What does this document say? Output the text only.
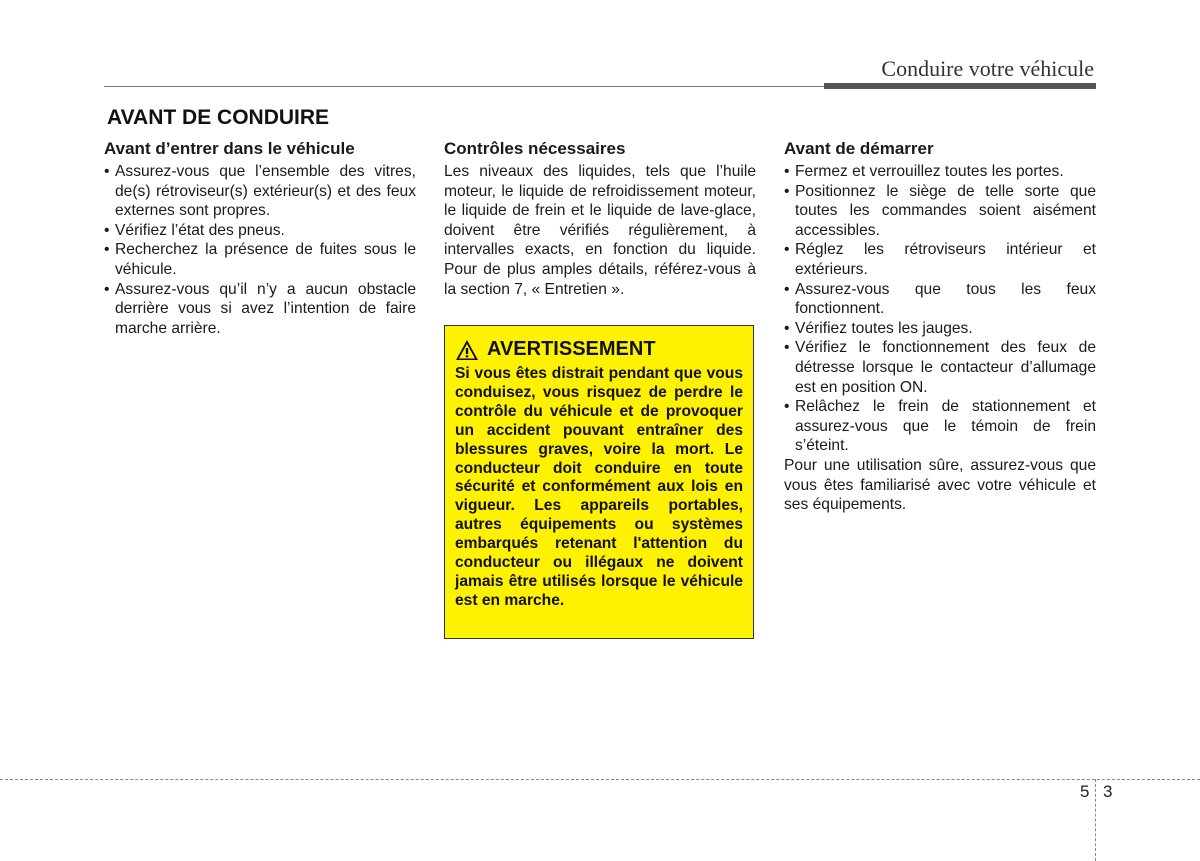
Conduire votre véhicule
AVANT DE CONDUIRE
Avant d’entrer dans le véhicule
• Assurez-vous que l’ensemble des vitres, de(s) rétroviseur(s) extérieur(s) et des feux externes sont propres.
• Vérifiez l’état des pneus.
• Recherchez la présence de fuites sous le véhicule.
• Assurez-vous qu’il n’y a aucun obstacle derrière vous si avez l’intention de faire marche arrière.
Contrôles nécessaires

Les niveaux des liquides, tels que l’huile moteur, le liquide de refroidissement moteur, le liquide de frein et le liquide de lave-glace, doivent être vérifiés régulièrement, à intervalles exacts, en fonction du liquide. Pour de plus amples détails, référez-vous à la section 7, « Entretien ».

AVERTISSEMENT
Si vous êtes distrait pendant que vous conduisez, vous risquez de perdre le contrôle du véhicule et de provoquer un accident pouvant entraîner des blessures graves, voire la mort. Le conducteur doit conduire en toute sécurité et conformément aux lois en vigueur. Les appareils portables, autres équipements ou systèmes embarqués retenant l'attention du conducteur ou illégaux ne doivent jamais être utilisés lorsque le véhicule est en marche.
Avant de démarrer
• Fermez et verrouillez toutes les portes.
• Positionnez le siège de telle sorte que toutes les commandes soient aisément accessibles.
• Réglez les rétroviseurs intérieur et extérieurs.
• Assurez-vous que tous les feux fonctionnent.
• Vérifiez toutes les jauges.
• Vérifiez le fonctionnement des feux de détresse lorsque le contacteur d’allumage est en position ON.
• Relâchez le frein de stationnement et assurez-vous que le témoin de frein s’éteint.

Pour une utilisation sûre, assurez-vous que vous êtes familiarisé avec votre véhicule et ses équipements.

5 3
